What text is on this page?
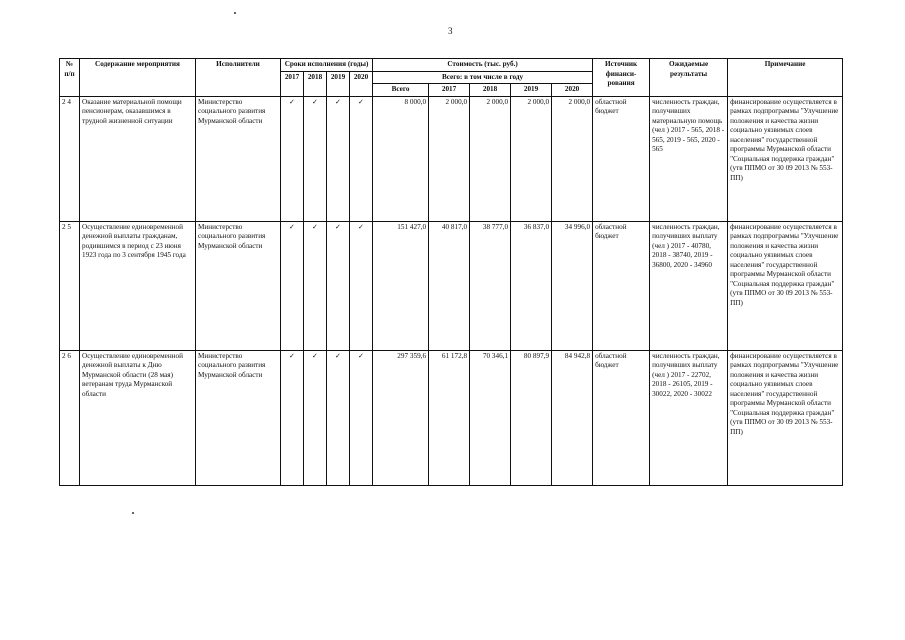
3
№ п/п	Содержание мероприятия	Исполнители	Сроки исполнения (годы)				Стоимость (тыс. руб.)					Источник финанси-рования	Ожидаемые результаты	Примечание
			2017	2018	2019	2020	Всего: в том числе в году							
							Всего	2017	2018	2019	2020			
2 4	Оказание материальной помощи пенсионерам, оказавшимся в трудной жизненной ситуации	Министерство социального развития Мурманской области	✓	✓	✓	✓	8 000,0	2 000,0	2 000,0	2 000,0	2 000,0	областной бюджет	численность граждан, получивших материальную помощь (чел ) 2017 - 565, 2018 - 565, 2019 - 565, 2020 - 565	финансирование осуществляется в рамках подпрограммы "Улучшение положения и качества жизни социально уязвимых слоев населения" государственной программы Мурманской области "Социальная поддержка граждан" (утв ППМО от 30 09 2013 № 553-ПП)
2 5	Осуществление единовременной денежной выплаты гражданам, родившимся в период с 23 июня 1923 года по 3 сентября 1945 года	Министерство социального развития Мурманской области	✓	✓	✓	✓	151 427,0	40 817,0	38 777,0	36 837,0	34 996,0	областной бюджет	численность граждан, получивших выплату (чел ) 2017 - 40780, 2018 - 38740, 2019 - 36800, 2020 - 34960	финансирование осуществляется в рамках подпрограммы "Улучшение положения и качества жизни социально уязвимых слоев населения" государственной программы Мурманской области "Социальная поддержка граждан" (утв ППМО от 30 09 2013 № 553-ПП)
2 6	Осуществление единовременной денежной выплаты к Дню Мурманской области (28 мая) ветеранам труда Мурманской области	Министерство социального развития Мурманской области	✓	✓	✓	✓	297 359,6	61 172,8	70 346,1	80 897,9	84 942,8	областной бюджет	численность граждан, получивших выплату (чел ) 2017 - 22702, 2018 - 26105, 2019 - 30022, 2020 - 30022	финансирование осуществляется в рамках подпрограммы "Улучшение положения и качества жизни социально уязвимых слоев населения" государственной программы Мурманской области "Социальная поддержка граждан" (утв ППМО от 30 09 2013 № 553-ПП)
